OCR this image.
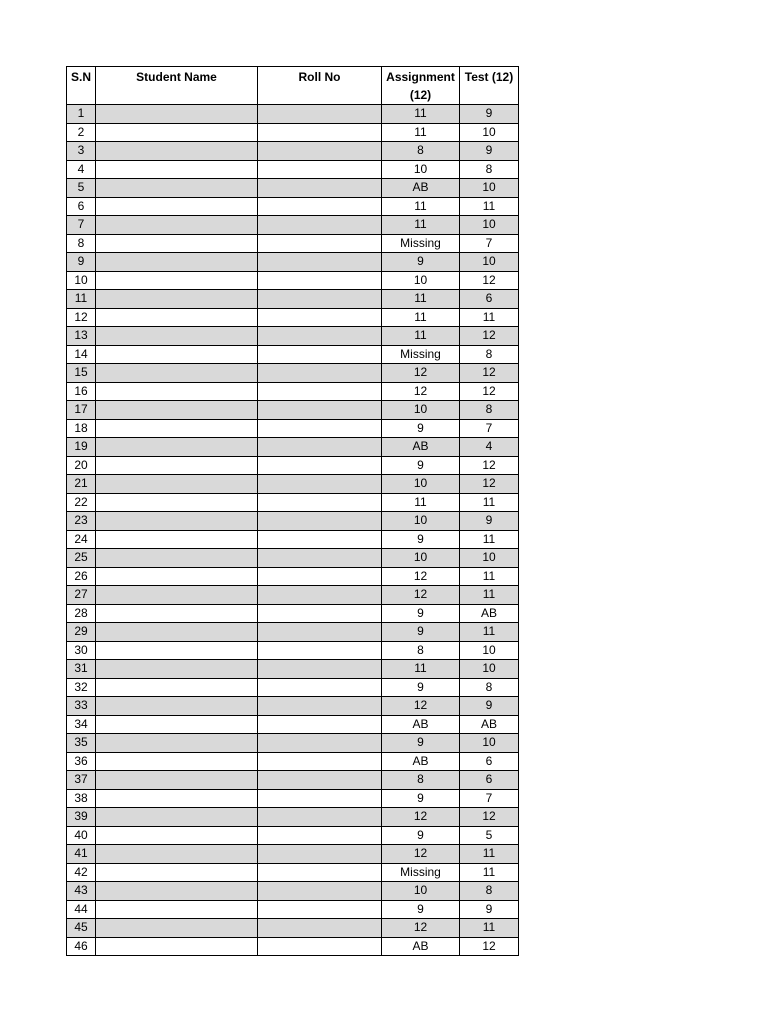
S.N	Student Name	Roll No	Assignment (12)	Test (12)
1			11	9
2			11	10
3			8	9
4			10	8
5			AB	10
6			11	11
7			11	10
8			Missing	7
9			9	10
10			10	12
11			11	6
12			11	11
13			11	12
14			Missing	8
15			12	12
16			12	12
17			10	8
18			9	7
19			AB	4
20			9	12
21			10	12
22			11	11
23			10	9
24			9	11
25			10	10
26			12	11
27			12	11
28			9	AB
29			9	11
30			8	10
31			11	10
32			9	8
33			12	9
34			AB	AB
35			9	10
36			AB	6
37			8	6
38			9	7
39			12	12
40			9	5
41			12	11
42			Missing	11
43			10	8
44			9	9
45			12	11
46			AB	12
